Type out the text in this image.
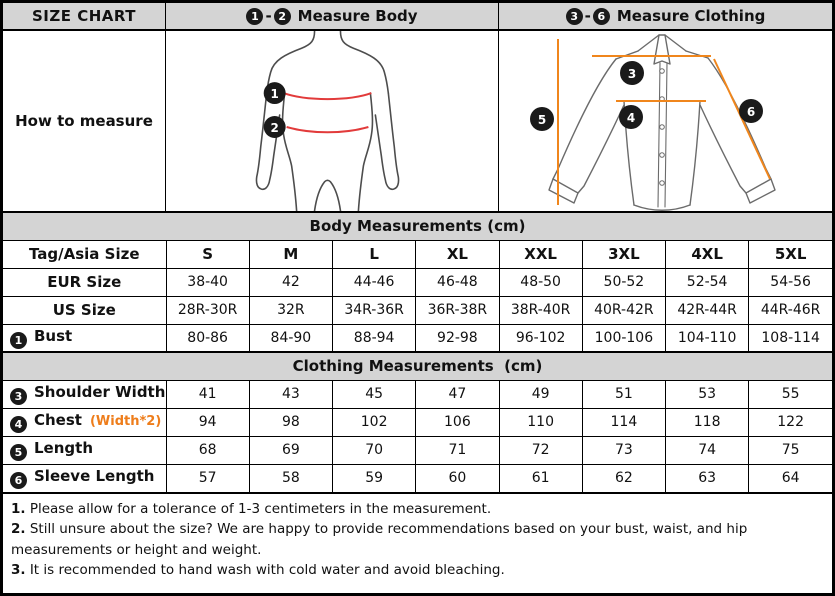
SIZE CHART	1 - 2 Measure Body	3 - 6 Measure Clothing
How to measure
1
2
3
4
5
6
Body Measurements (cm)								
Tag/Asia Size	S	M	L	XL	XXL	3XL	4XL	5XL
EUR Size	38-40	42	44-46	46-48	48-50	50-52	52-54	54-56
US Size	28R-30R	32R	34R-36R	36R-38R	38R-40R	40R-42R	42R-44R	44R-46R
1 Bust	80-86	84-90	88-94	92-98	96-102	100-106	104-110	108-114
Clothing Measurements  (cm)								
3 Shoulder Width	41	43	45	47	49	51	53	55
4 Chest (Width*2)	94	98	102	106	110	114	118	122
5 Length	68	69	70	71	72	73	74	75
6 Sleeve Length	57	58	59	60	61	62	63	64

1. Please allow for a tolerance of 1-3 centimeters in the measurement.

2. Still unsure about the size? We are happy to provide recommendations based on your bust, waist, and hip measurements or height and weight.

3. It is recommended to hand wash with cold water and avoid bleaching.
